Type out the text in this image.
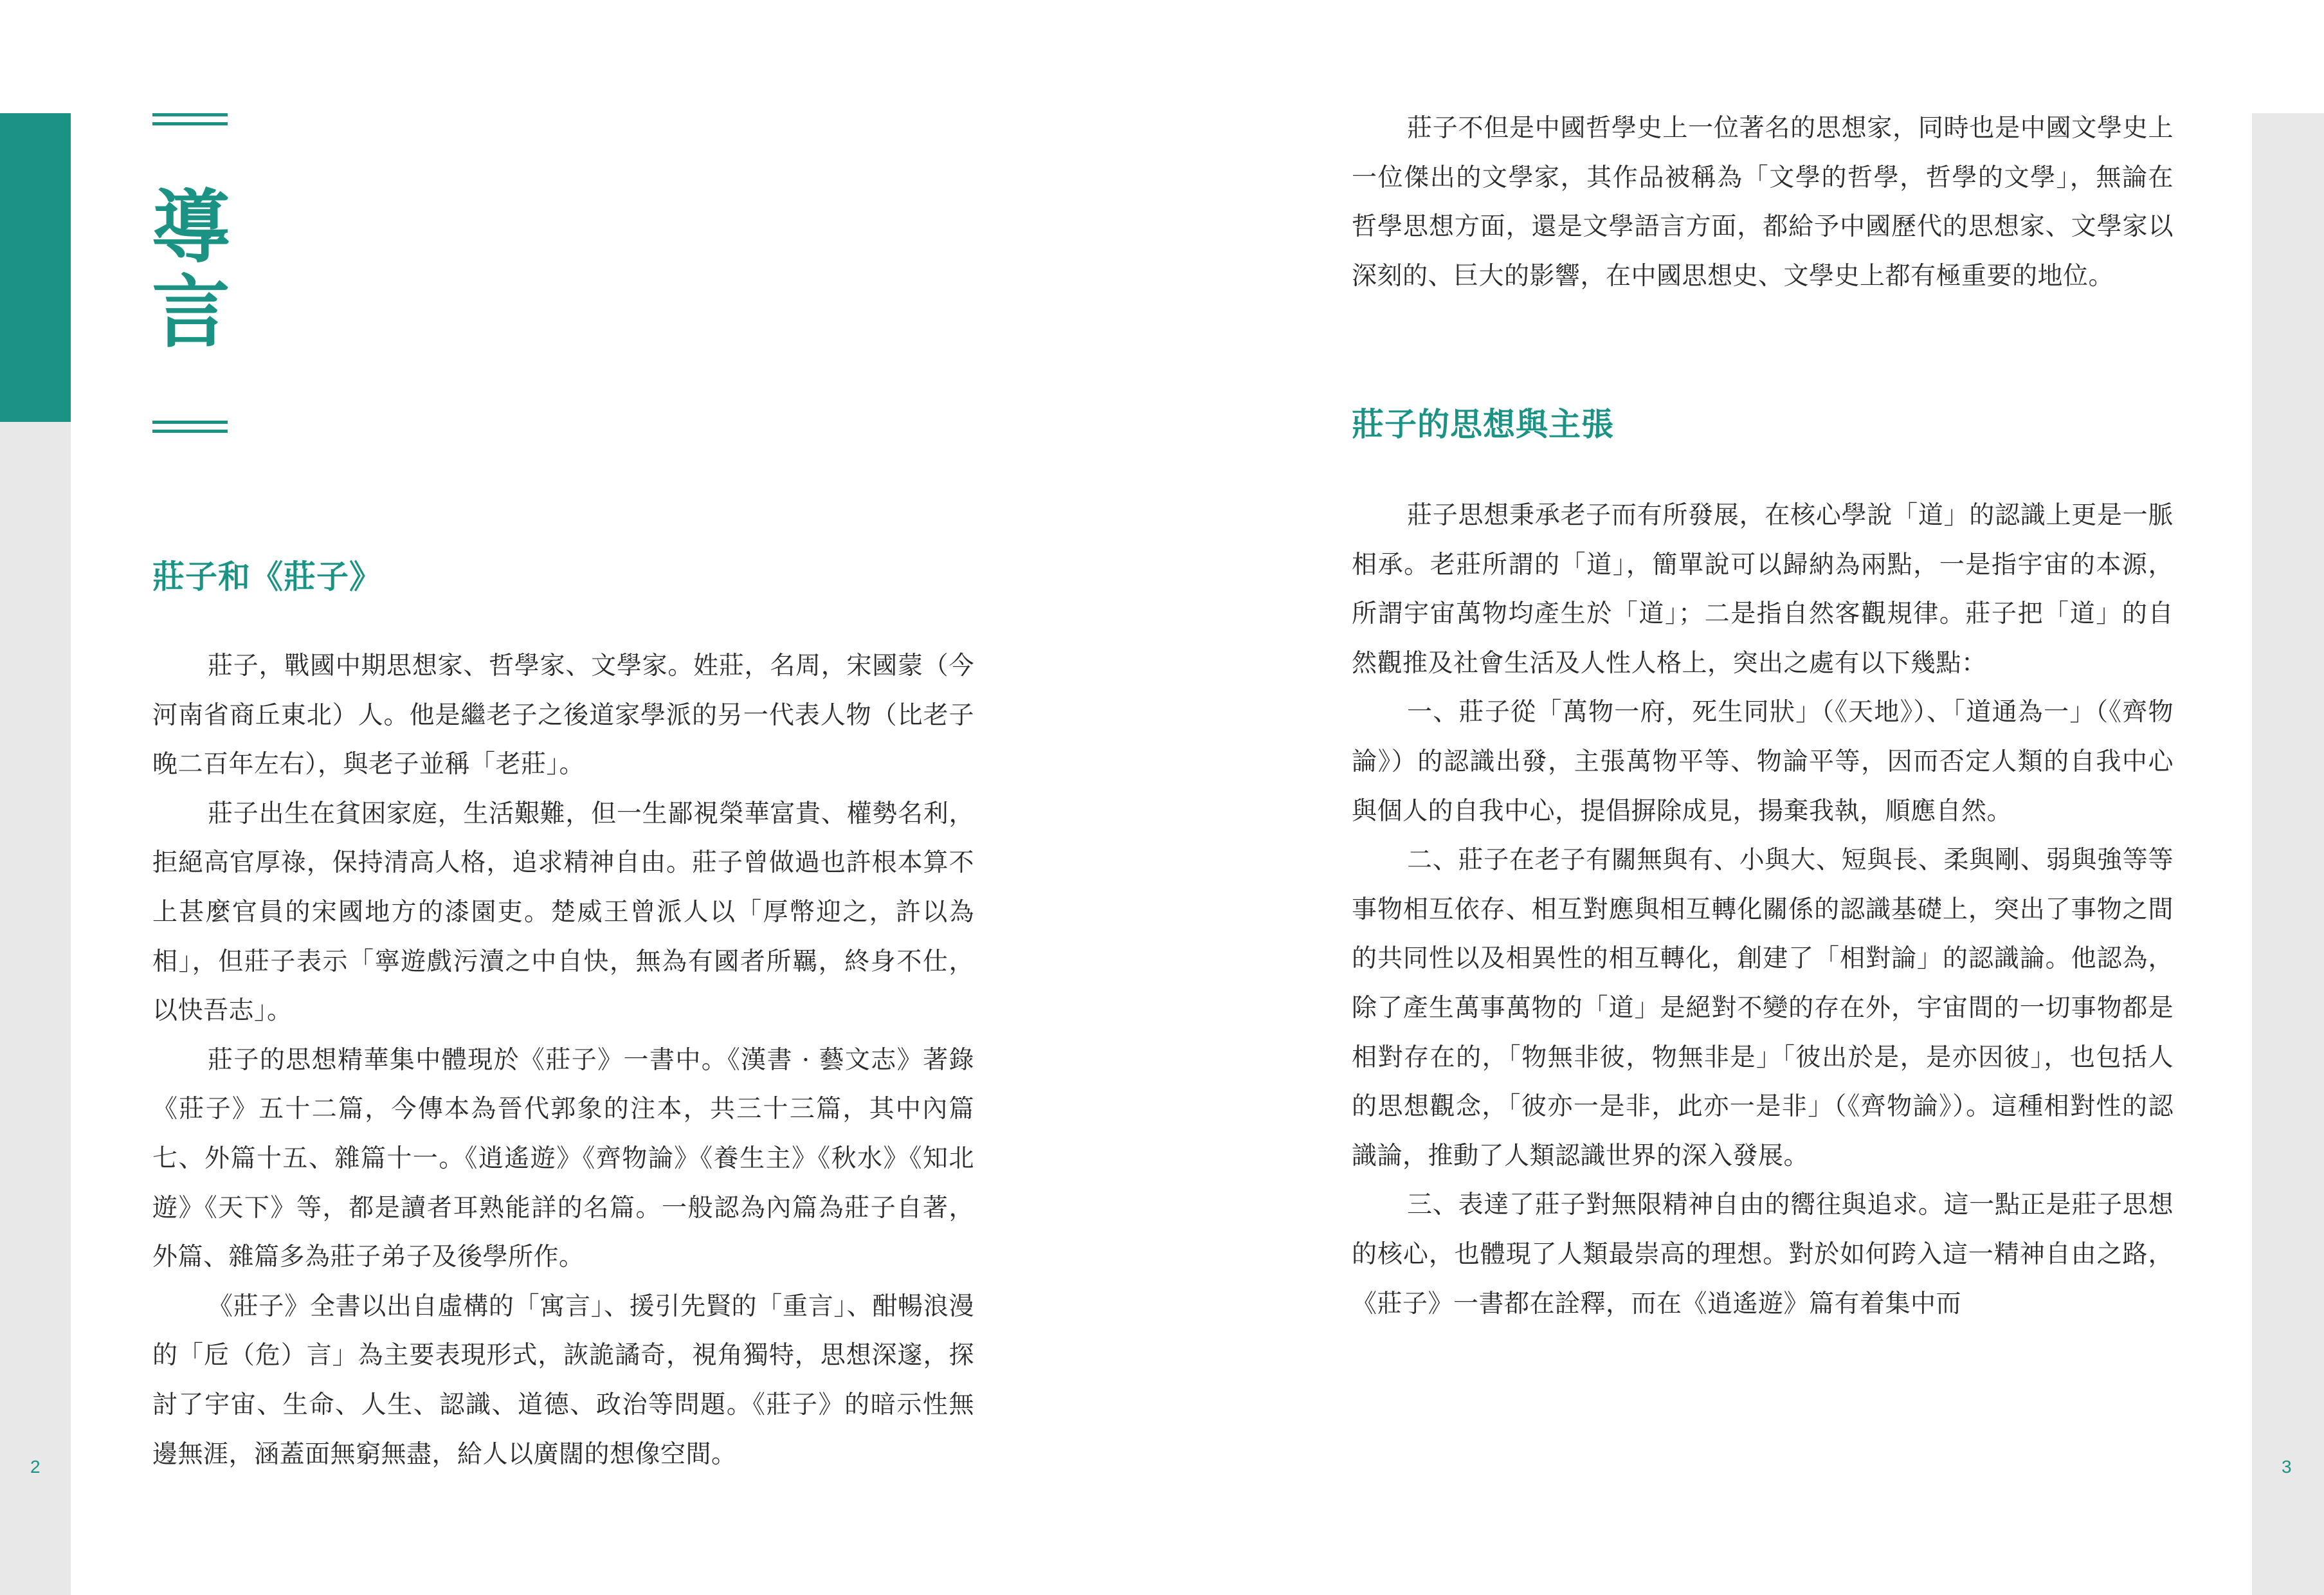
導
言
莊子和《莊子》

莊子，戰國中期思想家、哲學家、文學家。姓莊，名周，宋國蒙（今河南省商丘東北）人。他是繼老子之後道家學派的另一代表人物（比老子晚二百年左右），與老子並稱「老莊」。

莊子出生在貧困家庭，生活艱難，但一生鄙視榮華富貴、權勢名利，拒絕高官厚祿，保持清高人格，追求精神自由。莊子曾做過也許根本算不上甚麼官員的宋國地方的漆園吏。楚威王曾派人以「厚幣迎之，許以為相」，但莊子表示「寧遊戲污瀆之中自快，無為有國者所羈，終身不仕，以快吾志」。

莊子的思想精華集中體現於《莊子》一書中。《漢書 · 藝文志》著錄《莊子》五十二篇，今傳本為晉代郭象的注本，共三十三篇，其中內篇七、外篇十五、雜篇十一。《逍遙遊》《齊物論》《養生主》《秋水》《知北遊》《天下》等，都是讀者耳熟能詳的名篇。一般認為內篇為莊子自著，外篇、雜篇多為莊子弟子及後學所作。

《莊子》全書以出自虛構的「寓言」、援引先賢的「重言」、酣暢浪漫的「卮（危）言」為主要表現形式，詼詭譎奇，視角獨特，思想深邃，探討了宇宙、生命、人生、認識、道德、政治等問題。《莊子》的暗示性無邊無涯，涵蓋面無窮無盡，給人以廣闊的想像空間。

2

莊子不但是中國哲學史上一位著名的思想家，同時也是中國文學史上一位傑出的文學家，其作品被稱為「文學的哲學，哲學的文學」，無論在哲學思想方面，還是文學語言方面，都給予中國歷代的思想家、文學家以深刻的、巨大的影響，在中國思想史、文學史上都有極重要的地位。

莊子的思想與主張

莊子思想秉承老子而有所發展，在核心學說「道」的認識上更是一脈相承。老莊所謂的「道」，簡單說可以歸納為兩點，一是指宇宙的本源，所謂宇宙萬物均產生於「道」；二是指自然客觀規律。莊子把「道」的自然觀推及社會生活及人性人格上，突出之處有以下幾點：

一、莊子從「萬物一府，死生同狀」（《天地》）、「道通為一」（《齊物論》）的認識出發，主張萬物平等、物論平等，因而否定人類的自我中心與個人的自我中心，提倡摒除成見，揚棄我執，順應自然。

二、莊子在老子有關無與有、小與大、短與長、柔與剛、弱與強等等事物相互依存、相互對應與相互轉化關係的認識基礎上，突出了事物之間的共同性以及相異性的相互轉化，創建了「相對論」的認識論。他認為，除了產生萬事萬物的「道」是絕對不變的存在外，宇宙間的一切事物都是相對存在的，「物無非彼，物無非是」「彼出於是，是亦因彼」，也包括人的思想觀念，「彼亦一是非，此亦一是非」（《齊物論》）。這種相對性的認識論，推動了人類認識世界的深入發展。

三、表達了莊子對無限精神自由的嚮往與追求。這一點正是莊子思想的核心，也體現了人類最崇高的理想。對於如何跨入這一精神自由之路，《莊子》一書都在詮釋，而在《逍遙遊》篇有着集中而

3
